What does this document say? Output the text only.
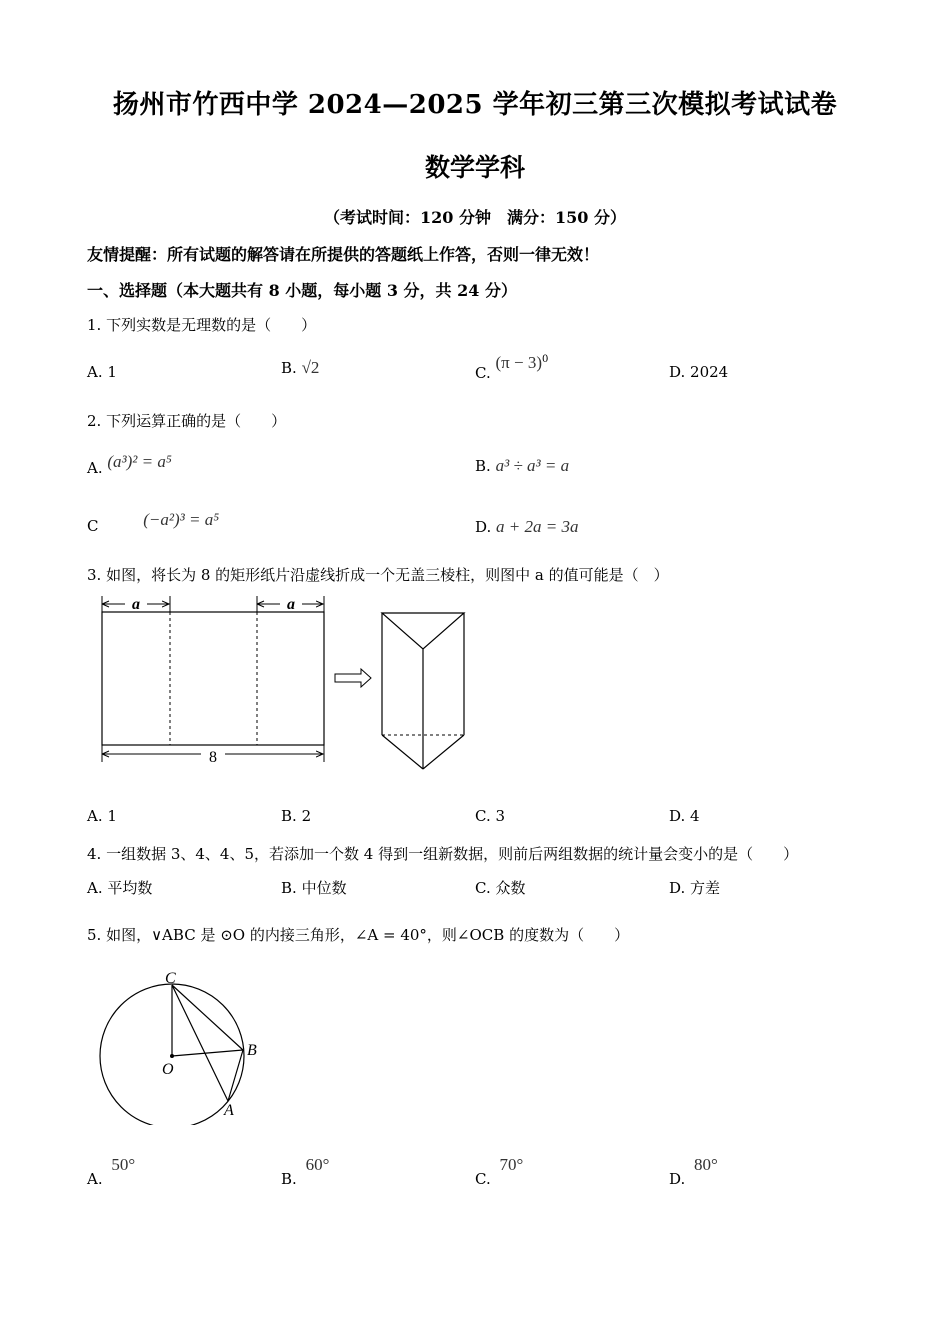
扬州市竹西中学 2024—2025 学年初三第三次模拟考试试卷
数学学科
（考试时间：120 分钟　满分：150 分）
友情提醒：所有试题的解答请在所提供的答题纸上作答，否则一律无效！
一、选择题（本大题共有 8 小题，每小题 3 分，共 24 分）
1. 下列实数是无理数的是（　　）
A. 1	B. √2	C. $(\pi - 3)^0$
D. 2024
2. 下列运算正确的是（　　）
A. (a³)² = a⁵	B. a³ ÷ a³ = a
C	(−a²)³ = a⁵	D. a + 2a = 3a
3. 如图，将长为 8 的矩形纸片沿虚线折成一个无盖三棱柱，则图中 a 的值可能是（　）
a	a
8
A. 1	B. 2	C. 3	D. 4
4. 一组数据 3、4、4、5，若添加一个数 4 得到一组新数据，则前后两组数据的统计量会变小的是（　　）
A. 平均数	B. 中位数	C. 众数	D. 方差
5. 如图，∨ABC 是 ⊙O 的内接三角形，∠A = 40°，则∠OCB 的度数为（　　）
C
B
O
A
A. 50°
B. 60°
C. 70°
D. 80°
